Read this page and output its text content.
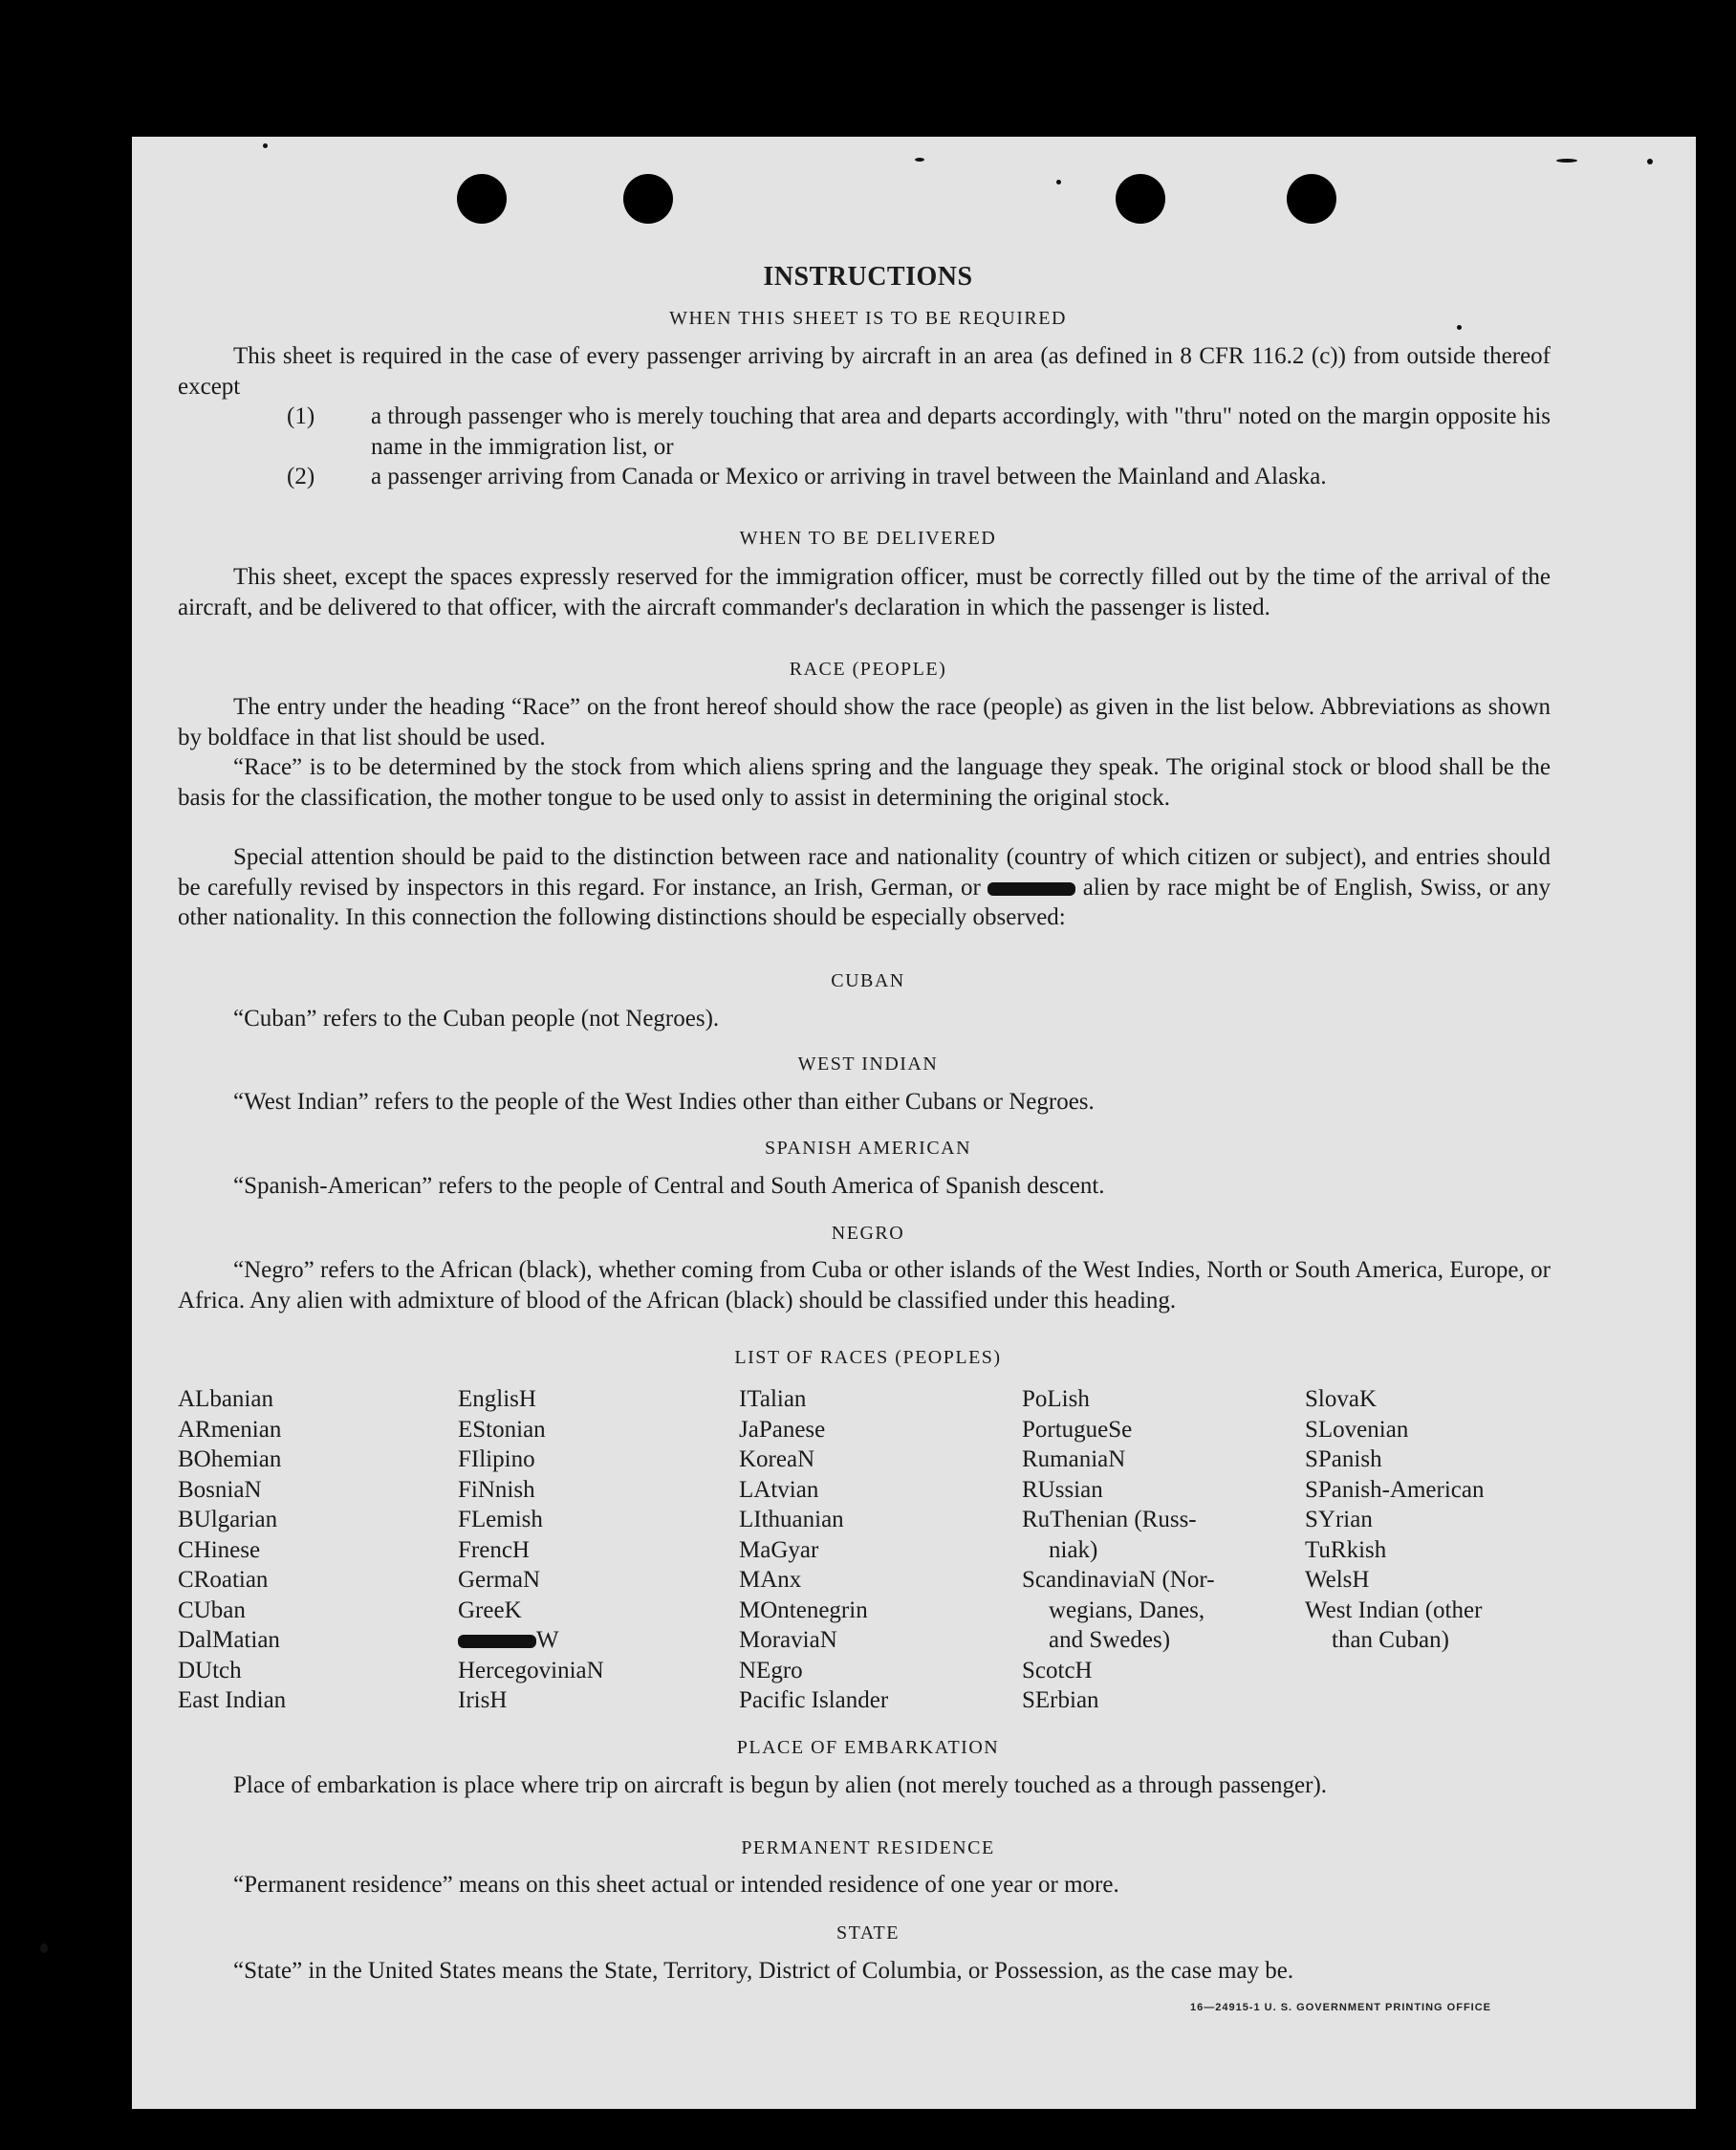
INSTRUCTIONS
WHEN THIS SHEET IS TO BE REQUIRED

This sheet is required in the case of every passenger arriving by aircraft in an area (as defined in 8 CFR 116.2 (c)) from outside thereof except

(1) a through passenger who is merely touching that area and departs accordingly, with "thru" noted on the margin opposite his name in the immigration list, or

(2) a passenger arriving from Canada or Mexico or arriving in travel between the Mainland and Alaska.

WHEN TO BE DELIVERED

This sheet, except the spaces expressly reserved for the immigration officer, must be correctly filled out by the time of the arrival of the aircraft, and be delivered to that officer, with the aircraft commander's declaration in which the passenger is listed.

RACE (PEOPLE)

The entry under the heading “Race” on the front hereof should show the race (people) as given in the list below. Abbreviations as shown by boldface in that list should be used.

“Race” is to be determined by the stock from which aliens spring and the language they speak. The original stock or blood shall be the basis for the classification, the mother tongue to be used only to assist in determining the original stock.

Special attention should be paid to the distinction between race and nationality (country of which citizen or subject), and entries should be carefully revised by inspectors in this regard. For instance, an Irish, German, or	alien by race might be of English, Swiss, or any other nationality. In this connection the following distinctions should be especially observed:

CUBAN

“Cuban” refers to the Cuban people (not Negroes).

WEST INDIAN

“West Indian” refers to the people of the West Indies other than either Cubans or Negroes.

SPANISH AMERICAN

“Spanish-American” refers to the people of Central and South America of Spanish descent.

NEGRO

“Negro” refers to the African (black), whether coming from Cuba or other islands of the West Indies, North or South America, Europe, or Africa. Any alien with admixture of blood of the African (black) should be classified under this heading.

LIST OF RACES (PEOPLES)
ALbanian
ARmenian
BOhemian
BosniaN
BUlgarian
CHinese
CRoatian
CUban
DalMatian
DUtch
East Indian
EnglisH
EStonian
FIlipino
FiNnish
FLemish
FrencH
GermaN
GreeK
W
HercegoviniaN
IrisH
ITalian
JaPanese
KoreaN
LAtvian
LIthuanian
MaGyar
MAnx
MOntenegrin
MoraviaN
NEgro
Pacific Islander
PoLish
PortugueSe
RumaniaN
RUssian
RuThenian (Russ-
niak)
ScandinaviaN (Nor-
wegians, Danes,
and Swedes)
ScotcH
SErbian
SlovaK
SLovenian
SPanish
SPanish-American
SYrian
TuRkish
WelsH
West Indian (other
than Cuban)
PLACE OF EMBARKATION

Place of embarkation is place where trip on aircraft is begun by alien (not merely touched as a through passenger).

PERMANENT RESIDENCE

“Permanent residence” means on this sheet actual or intended residence of one year or more.

STATE

“State” in the United States means the State, Territory, District of Columbia, or Possession, as the case may be.

16—24915-1 U. S. GOVERNMENT PRINTING OFFICE
